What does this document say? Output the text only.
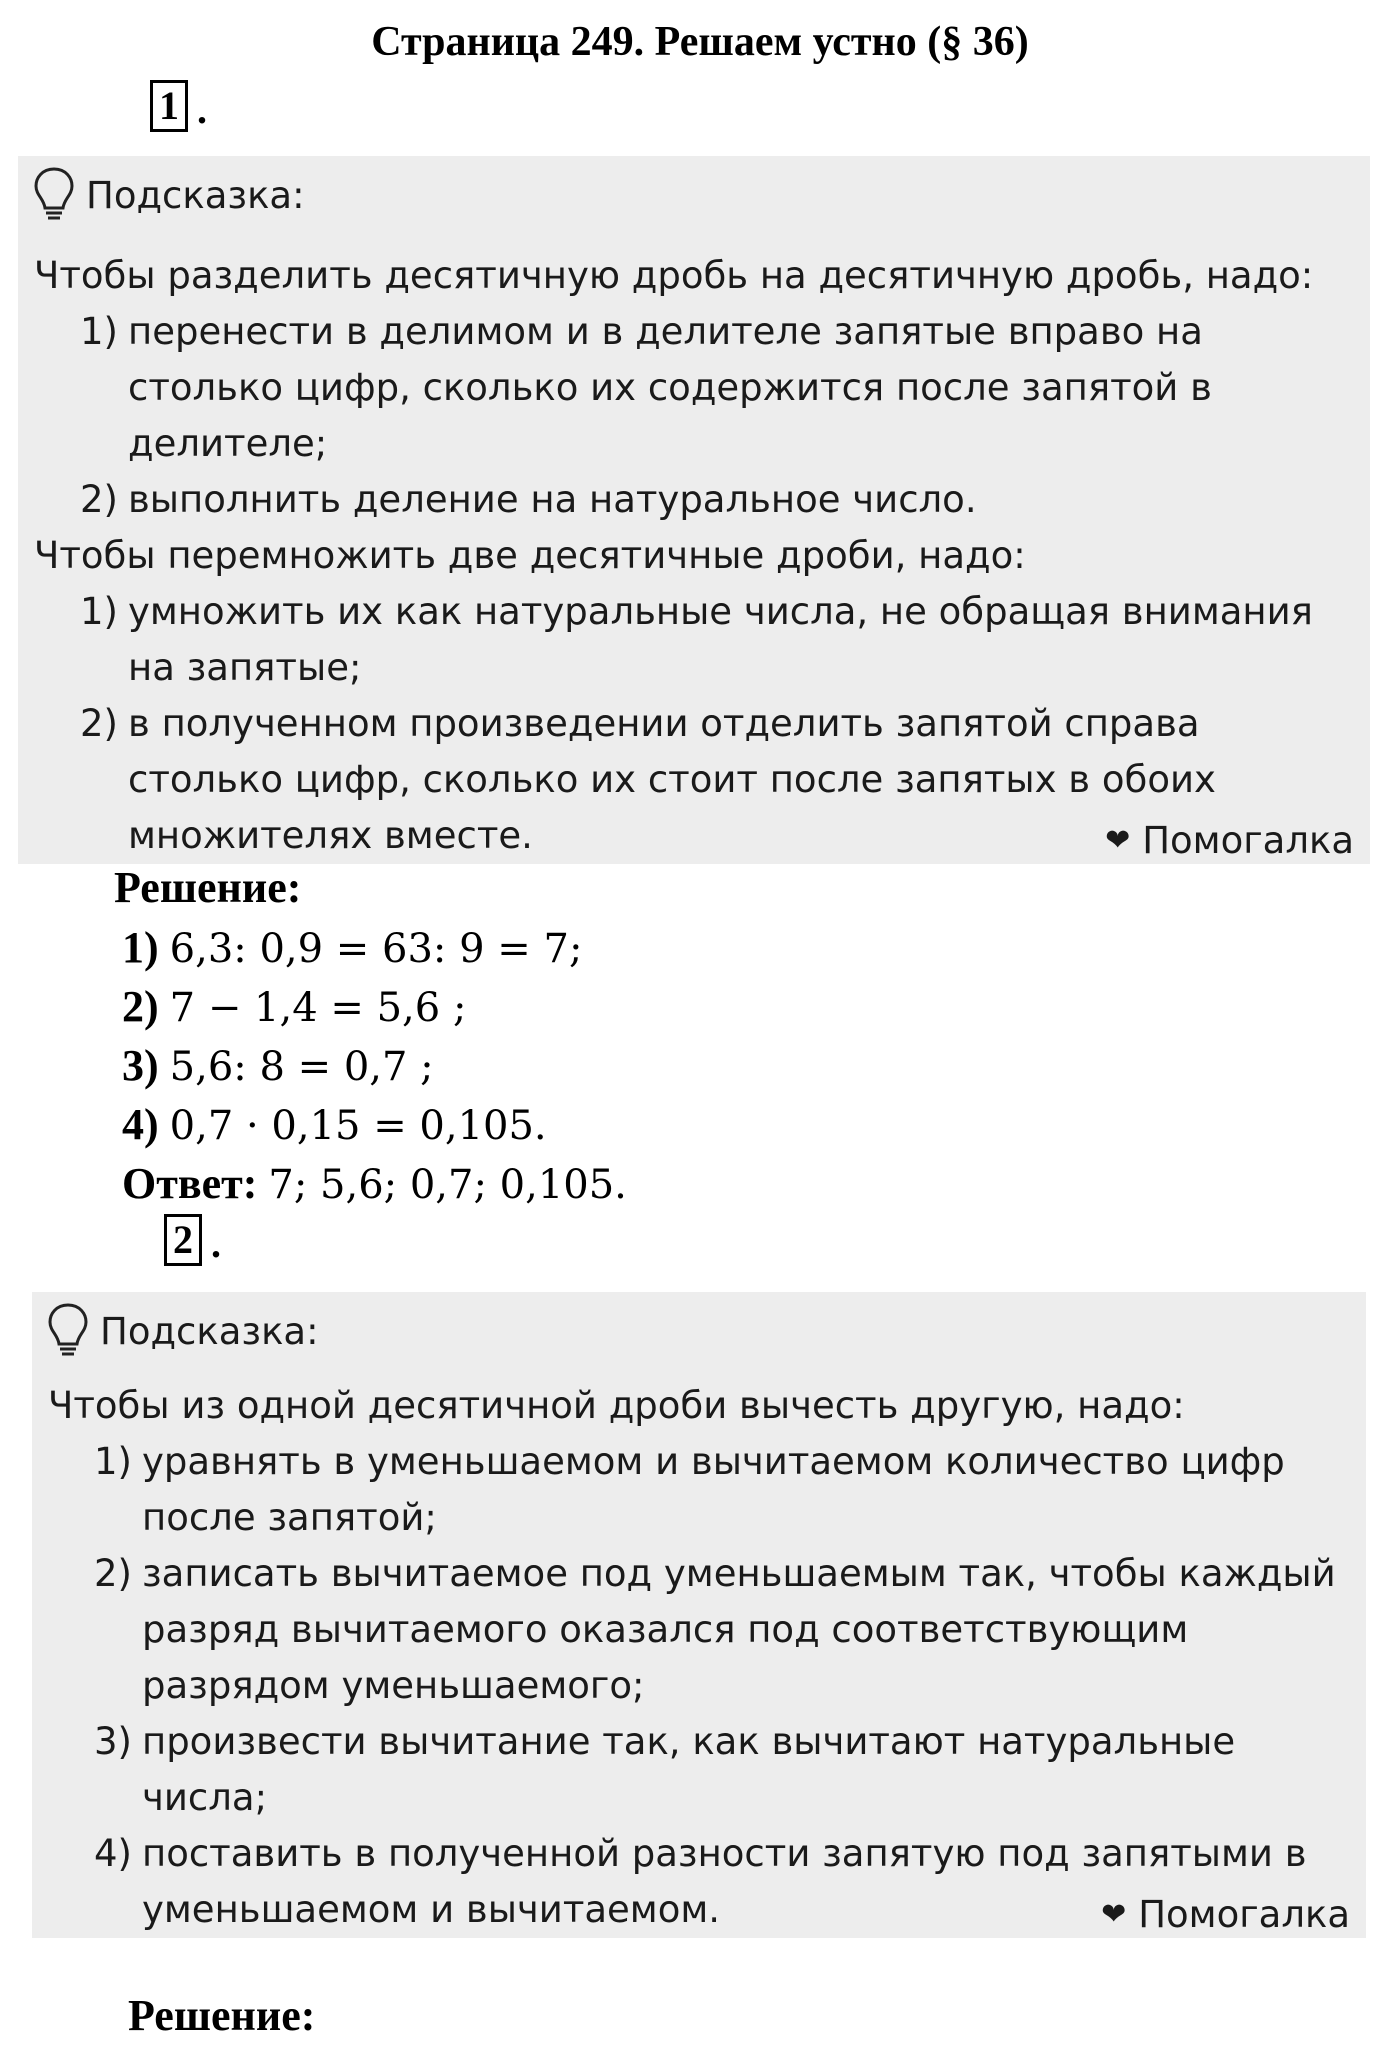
Страница 249. Решаем устно (§ 36)
1 .
Подсказка:
Чтобы разделить десятичную дробь на десятичную дробь, надо:
1) перенести в делимом и в делителе запятые вправо на столько цифр, сколько их содержится после запятой в делителе;
2) выполнить деление на натуральное число.
Чтобы перемножить две десятичные дроби, надо:
1) умножить их как натуральные числа, не обращая внимания на запятые;
2) в полученном произведении отделить запятой справа столько цифр, сколько их стоит после запятых в обоих множителях вместе.	❤ Помогалка
Решение:
1) 6,3: 0,9 = 63: 9 = 7;
2) 7 − 1,4 = 5,6 ;
3) 5,6: 8 = 0,7 ;
4) 0,7 · 0,15 = 0,105.
Ответ: 7; 5,6; 0,7; 0,105.
2 .
Подсказка:
Чтобы из одной десятичной дроби вычесть другую, надо:
1) уравнять в уменьшаемом и вычитаемом количество цифр после запятой;
2) записать вычитаемое под уменьшаемым так, чтобы каждый разряд вычитаемого оказался под соответствующим разрядом уменьшаемого;
3) произвести вычитание так, как вычитают натуральные числа;
4) поставить в полученной разности запятую под запятыми в уменьшаемом и вычитаемом.	❤ Помогалка
Решение:
